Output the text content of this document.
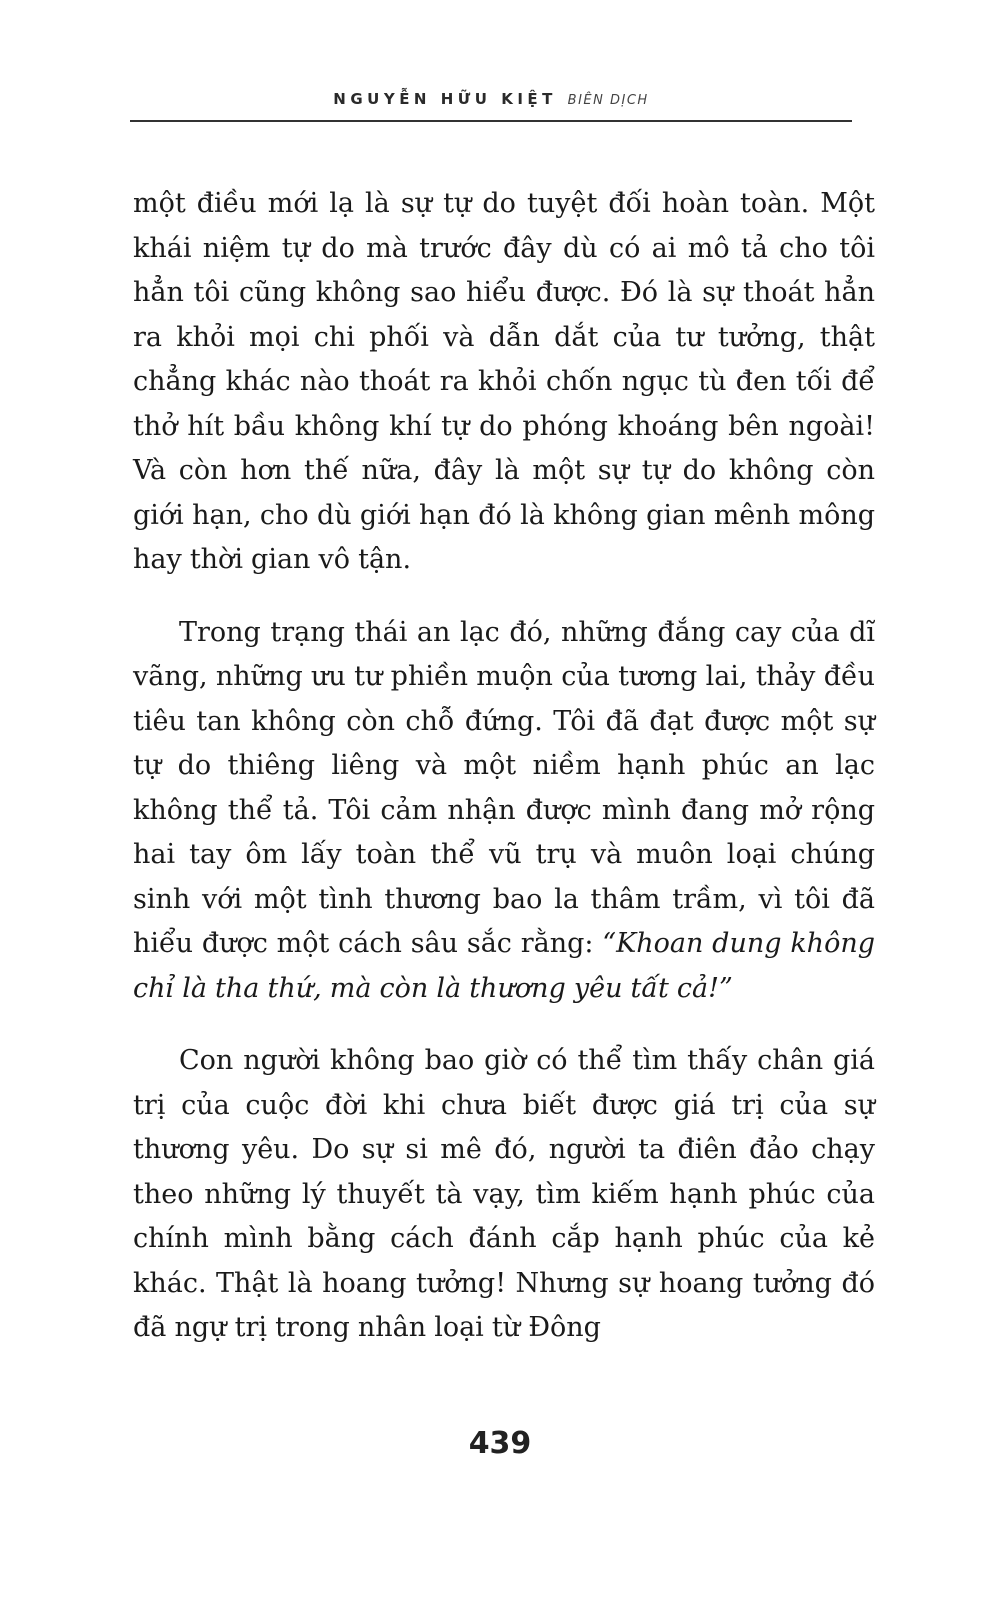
NGUYỄN HỮU KIỆT BIÊN DỊCH

một điều mới lạ là sự tự do tuyệt đối hoàn toàn. Một khái niệm tự do mà trước đây dù có ai mô tả cho tôi hẳn tôi cũng không sao hiểu được. Đó là sự thoát hẳn ra khỏi mọi chi phối và dẫn dắt của tư tưởng, thật chẳng khác nào thoát ra khỏi chốn ngục tù đen tối để thở hít bầu không khí tự do phóng khoáng bên ngoài! Và còn hơn thế nữa, đây là một sự tự do không còn giới hạn, cho dù giới hạn đó là không gian mênh mông hay thời gian vô tận.

Trong trạng thái an lạc đó, những đắng cay của dĩ vãng, những ưu tư phiền muộn của tương lai, thảy đều tiêu tan không còn chỗ đứng. Tôi đã đạt được một sự tự do thiêng liêng và một niềm hạnh phúc an lạc không thể tả. Tôi cảm nhận được mình đang mở rộng hai tay ôm lấy toàn thể vũ trụ và muôn loại chúng sinh với một tình thương bao la thâm trầm, vì tôi đã hiểu được một cách sâu sắc rằng: “Khoan dung không chỉ là tha thứ, mà còn là thương yêu tất cả!”

Con người không bao giờ có thể tìm thấy chân giá trị của cuộc đời khi chưa biết được giá trị của sự thương yêu. Do sự si mê đó, người ta điên đảo chạy theo những lý thuyết tà vạy, tìm kiếm hạnh phúc của chính mình bằng cách đánh cắp hạnh phúc của kẻ khác. Thật là hoang tưởng! Nhưng sự hoang tưởng đó đã ngự trị trong nhân loại từ Đông

439
